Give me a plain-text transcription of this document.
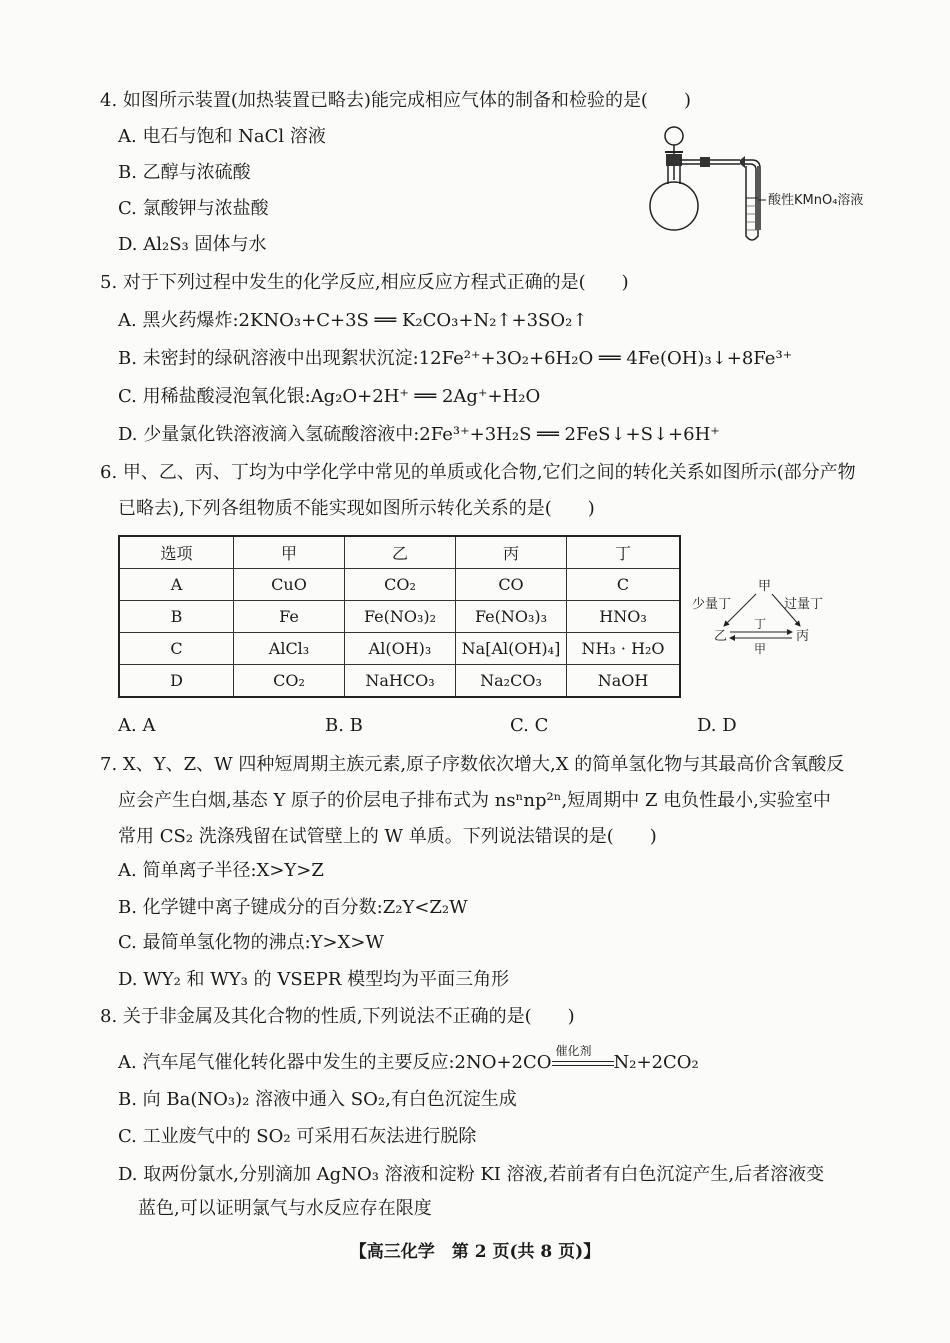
4. 如图所示装置(加热装置已略去)能完成相应气体的制备和检验的是(　　)
A. 电石与饱和 NaCl 溶液
B. 乙醇与浓硫酸
C. 氯酸钾与浓盐酸
D. Al₂S₃ 固体与水
酸性KMnO₄溶液
5. 对于下列过程中发生的化学反应,相应反应方程式正确的是(　　)
A. 黑火药爆炸:2KNO₃+C+3S ══ K₂CO₃+N₂↑+3SO₂↑
B. 未密封的绿矾溶液中出现絮状沉淀:12Fe²⁺+3O₂+6H₂O ══ 4Fe(OH)₃↓+8Fe³⁺
C. 用稀盐酸浸泡氧化银:Ag₂O+2H⁺ ══ 2Ag⁺+H₂O
D. 少量氯化铁溶液滴入氢硫酸溶液中:2Fe³⁺+3H₂S ══ 2FeS↓+S↓+6H⁺
6. 甲、乙、丙、丁均为中学化学中常见的单质或化合物,它们之间的转化关系如图所示(部分产物
已略去),下列各组物质不能实现如图所示转化关系的是(　　)
选项	甲	乙	丙	丁
A	CuO	CO₂	CO	C
B	Fe	Fe(NO₃)₂	Fe(NO₃)₃	HNO₃
C	AlCl₃	Al(OH)₃	Na[Al(OH)₄]	NH₃ · H₂O
D	CO₂	NaHCO₃	Na₂CO₃	NaOH
甲
乙	丙
少量丁	过量丁
丁
甲
A. A	B. B	C. C	D. D
7. X、Y、Z、W 四种短周期主族元素,原子序数依次增大,X 的简单氢化物与其最高价含氧酸反
应会产生白烟,基态 Y 原子的价层电子排布式为 nsⁿnp²ⁿ,短周期中 Z 电负性最小,实验室中
常用 CS₂ 洗涤残留在试管壁上的 W 单质。下列说法错误的是(　　)
A. 简单离子半径:X>Y>Z
B. 化学键中离子键成分的百分数:Z₂Y<Z₂W
C. 最简单氢化物的沸点:Y>X>W
D. WY₂ 和 WY₃ 的 VSEPR 模型均为平面三角形
8. 关于非金属及其化合物的性质,下列说法不正确的是(　　)
A. 汽车尾气催化转化器中发生的主要反应:2NO+2CO
催化剂
N₂+2CO₂
B. 向 Ba(NO₃)₂ 溶液中通入 SO₂,有白色沉淀生成
C. 工业废气中的 SO₂ 可采用石灰法进行脱除
D. 取两份氯水,分别滴加 AgNO₃ 溶液和淀粉 KI 溶液,若前者有白色沉淀产生,后者溶液变
蓝色,可以证明氯气与水反应存在限度
【高三化学　第 2 页(共 8 页)】
